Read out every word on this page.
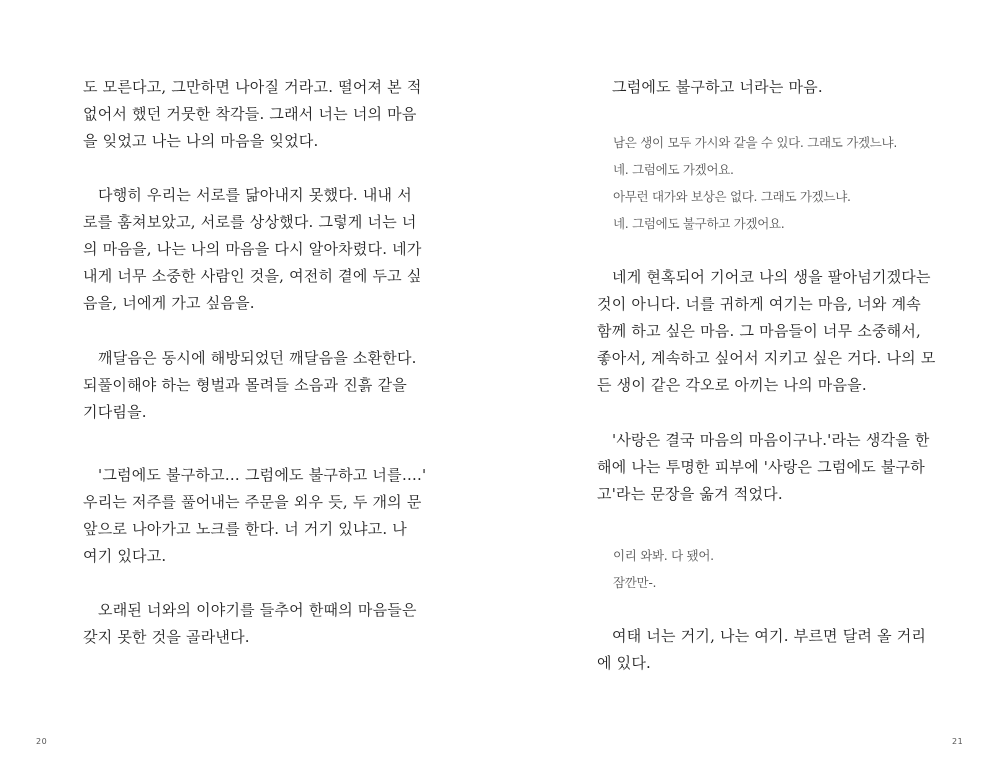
도 모른다고, 그만하면 나아질 거라고. 떨어져 본 적
없어서 했던 거뭇한 착각들. 그래서 너는 너의 마음
을 잊었고 나는 나의 마음을 잊었다.
다행히 우리는 서로를 닮아내지 못했다. 내내 서
로를 훔쳐보았고, 서로를 상상했다. 그렇게 너는 너
의 마음을, 나는 나의 마음을 다시 알아차렸다. 네가
내게 너무 소중한 사람인 것을, 여전히 곁에 두고 싶
음을, 너에게 가고 싶음을.
깨달음은 동시에 해방되었던 깨달음을 소환한다.
되풀이해야 하는 형벌과 몰려들 소음과 진흙 같을
기다림을.
'그럼에도 불구하고… 그럼에도 불구하고 너를….'
우리는 저주를 풀어내는 주문을 외우 듯, 두 개의 문
앞으로 나아가고 노크를 한다. 너 거기 있냐고. 나
여기 있다고.
오래된 너와의 이야기를 들추어 한때의 마음들은
갖지 못한 것을 골라낸다.
20
그럼에도 불구하고 너라는 마음.
남은 생이 모두 가시와 같을 수 있다. 그래도 가겠느냐.
네. 그럼에도 가겠어요.
아무런 대가와 보상은 없다. 그래도 가겠느냐.
네. 그럼에도 불구하고 가겠어요.
네게 현혹되어 기어코 나의 생을 팔아넘기겠다는
것이 아니다. 너를 귀하게 여기는 마음, 너와 계속
함께 하고 싶은 마음. 그 마음들이 너무 소중해서,
좋아서, 계속하고 싶어서 지키고 싶은 거다. 나의 모
든 생이 같은 각오로 아끼는 나의 마음을.
'사랑은 결국 마음의 마음이구나.'라는 생각을 한
해에 나는 투명한 피부에 '사랑은 그럼에도 불구하
고'라는 문장을 옮겨 적었다.
이리 와봐. 다 됐어.
잠깐만-.
여태 너는 거기, 나는 여기. 부르면 달려 올 거리
에 있다.
21
